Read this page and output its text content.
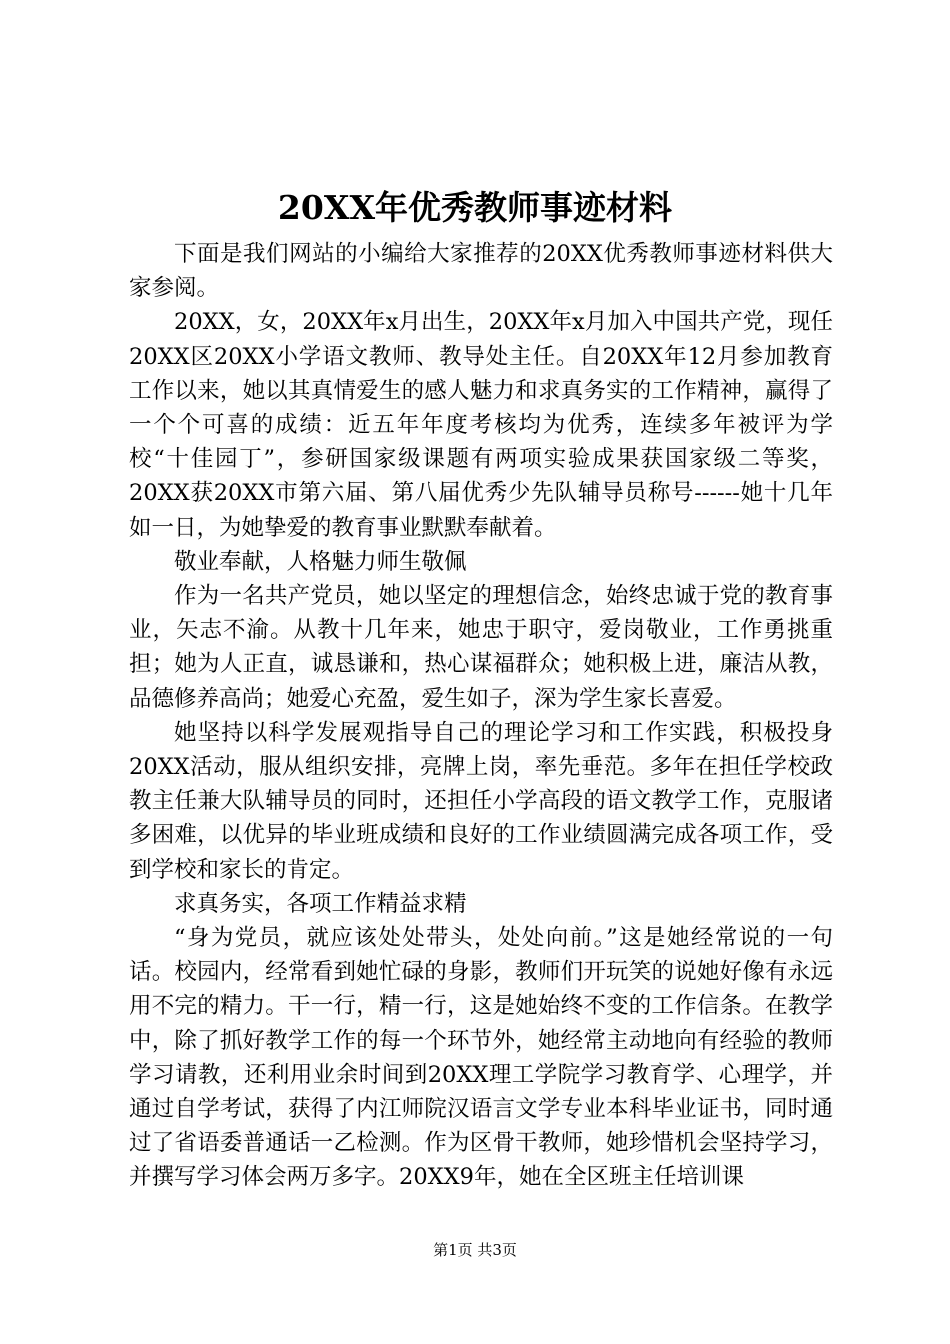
20XX年优秀教师事迹材料

下面是我们网站的小编给大家推荐的20XX优秀教师事迹材料供大家参阅。

20XX，女，20XX年x月出生，20XX年x月加入中国共产党，现任20XX区20XX小学语文教师、教导处主任。自20XX年12月参加教育工作以来，她以其真情爱生的感人魅力和求真务实的工作精神，赢得了一个个可喜的成绩：近五年年度考核均为优秀，连续多年被评为学校“十佳园丁”，参研国家级课题有两项实验成果获国家级二等奖，20XX获20XX市第六届、第八届优秀少先队辅导员称号------她十几年如一日，为她挚爱的教育事业默默奉献着。

敬业奉献，人格魅力师生敬佩

作为一名共产党员，她以坚定的理想信念，始终忠诚于党的教育事业，矢志不渝。从教十几年来，她忠于职守，爱岗敬业，工作勇挑重担；她为人正直，诚恳谦和，热心谋福群众；她积极上进，廉洁从教，品德修养高尚；她爱心充盈，爱生如子，深为学生家长喜爱。

她坚持以科学发展观指导自己的理论学习和工作实践，积极投身20XX活动，服从组织安排，亮牌上岗，率先垂范。多年在担任学校政教主任兼大队辅导员的同时，还担任小学高段的语文教学工作，克服诸多困难，以优异的毕业班成绩和良好的工作业绩圆满完成各项工作，受到学校和家长的肯定。

求真务实，各项工作精益求精

“身为党员，就应该处处带头，处处向前。”这是她经常说的一句话。校园内，经常看到她忙碌的身影，教师们开玩笑的说她好像有永远用不完的精力。干一行，精一行，这是她始终不变的工作信条。在教学中，除了抓好教学工作的每一个环节外，她经常主动地向有经验的教师学习请教，还利用业余时间到20XX理工学院学习教育学、心理学，并通过自学考试，获得了内江师院汉语言文学专业本科毕业证书，同时通过了省语委普通话一乙检测。作为区骨干教师，她珍惜机会坚持学习，并撰写学习体会两万多字。20XX9年，她在全区班主任培训课

第1页 共3页
